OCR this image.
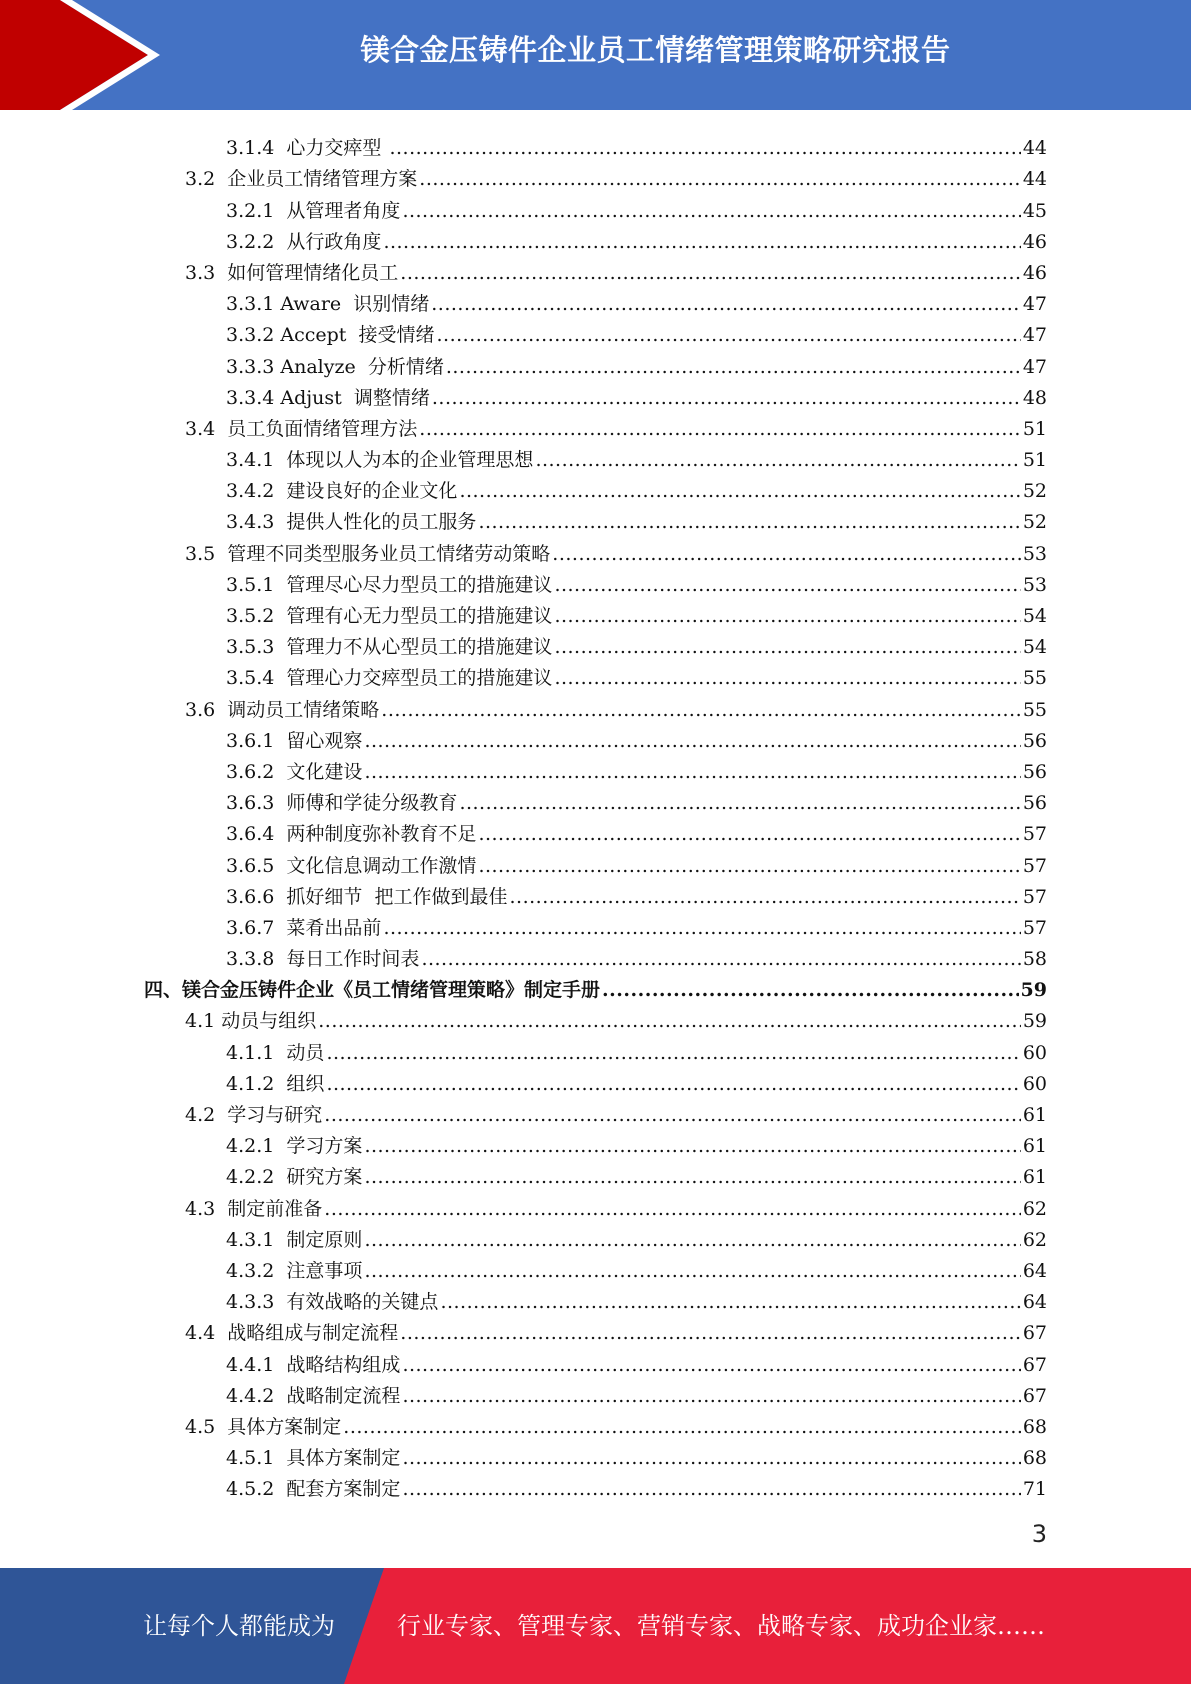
镁合金压铸件企业员工情绪管理策略研究报告
3.1.4  心力交瘁型 .....	44
3.2  企业员工情绪管理方案 .....	44
3.2.1  从管理者角度 .....	45
3.2.2  从行政角度 .....	46
3.3  如何管理情绪化员工 .....	46
3.3.1 Aware  识别情绪 .....	47
3.3.2 Accept  接受情绪 .....	47
3.3.3 Analyze  分析情绪 .....	47
3.3.4 Adjust  调整情绪 .....	48
3.4  员工负面情绪管理方法 .....	51
3.4.1  体现以人为本的企业管理思想 .....	51
3.4.2  建设良好的企业文化 .....	52
3.4.3  提供人性化的员工服务 .....	52
3.5  管理不同类型服务业员工情绪劳动策略 .....	53
3.5.1  管理尽心尽力型员工的措施建议 .....	53
3.5.2  管理有心无力型员工的措施建议 .....	54
3.5.3  管理力不从心型员工的措施建议 .....	54
3.5.4  管理心力交瘁型员工的措施建议 .....	55
3.6  调动员工情绪策略 .....	55
3.6.1  留心观察 .....	56
3.6.2  文化建设 .....	56
3.6.3  师傅和学徒分级教育 .....	56
3.6.4  两种制度弥补教育不足 .....	57
3.6.5  文化信息调动工作激情 .....	57
3.6.6  抓好细节  把工作做到最佳 .....	57
3.6.7  菜肴出品前 .....	57
3.3.8  每日工作时间表 .....	58
四、镁合金压铸件企业《员工情绪管理策略》制定手册 .....	59
4.1 动员与组织 .....	59
4.1.1  动员 .....	60
4.1.2  组织 .....	60
4.2  学习与研究 .....	61
4.2.1  学习方案 .....	61
4.2.2  研究方案 .....	61
4.3  制定前准备 .....	62
4.3.1  制定原则 .....	62
4.3.2  注意事项 .....	64
4.3.3  有效战略的关键点 .....	64
4.4  战略组成与制定流程 .....	67
4.4.1  战略结构组成 .....	67
4.4.2  战略制定流程 .....	67
4.5  具体方案制定 .....	68
4.5.1  具体方案制定 .....	68
4.5.2  配套方案制定 .....	71
3
让每个人都能成为	行业专家、管理专家、营销专家、战略专家、成功企业家……
